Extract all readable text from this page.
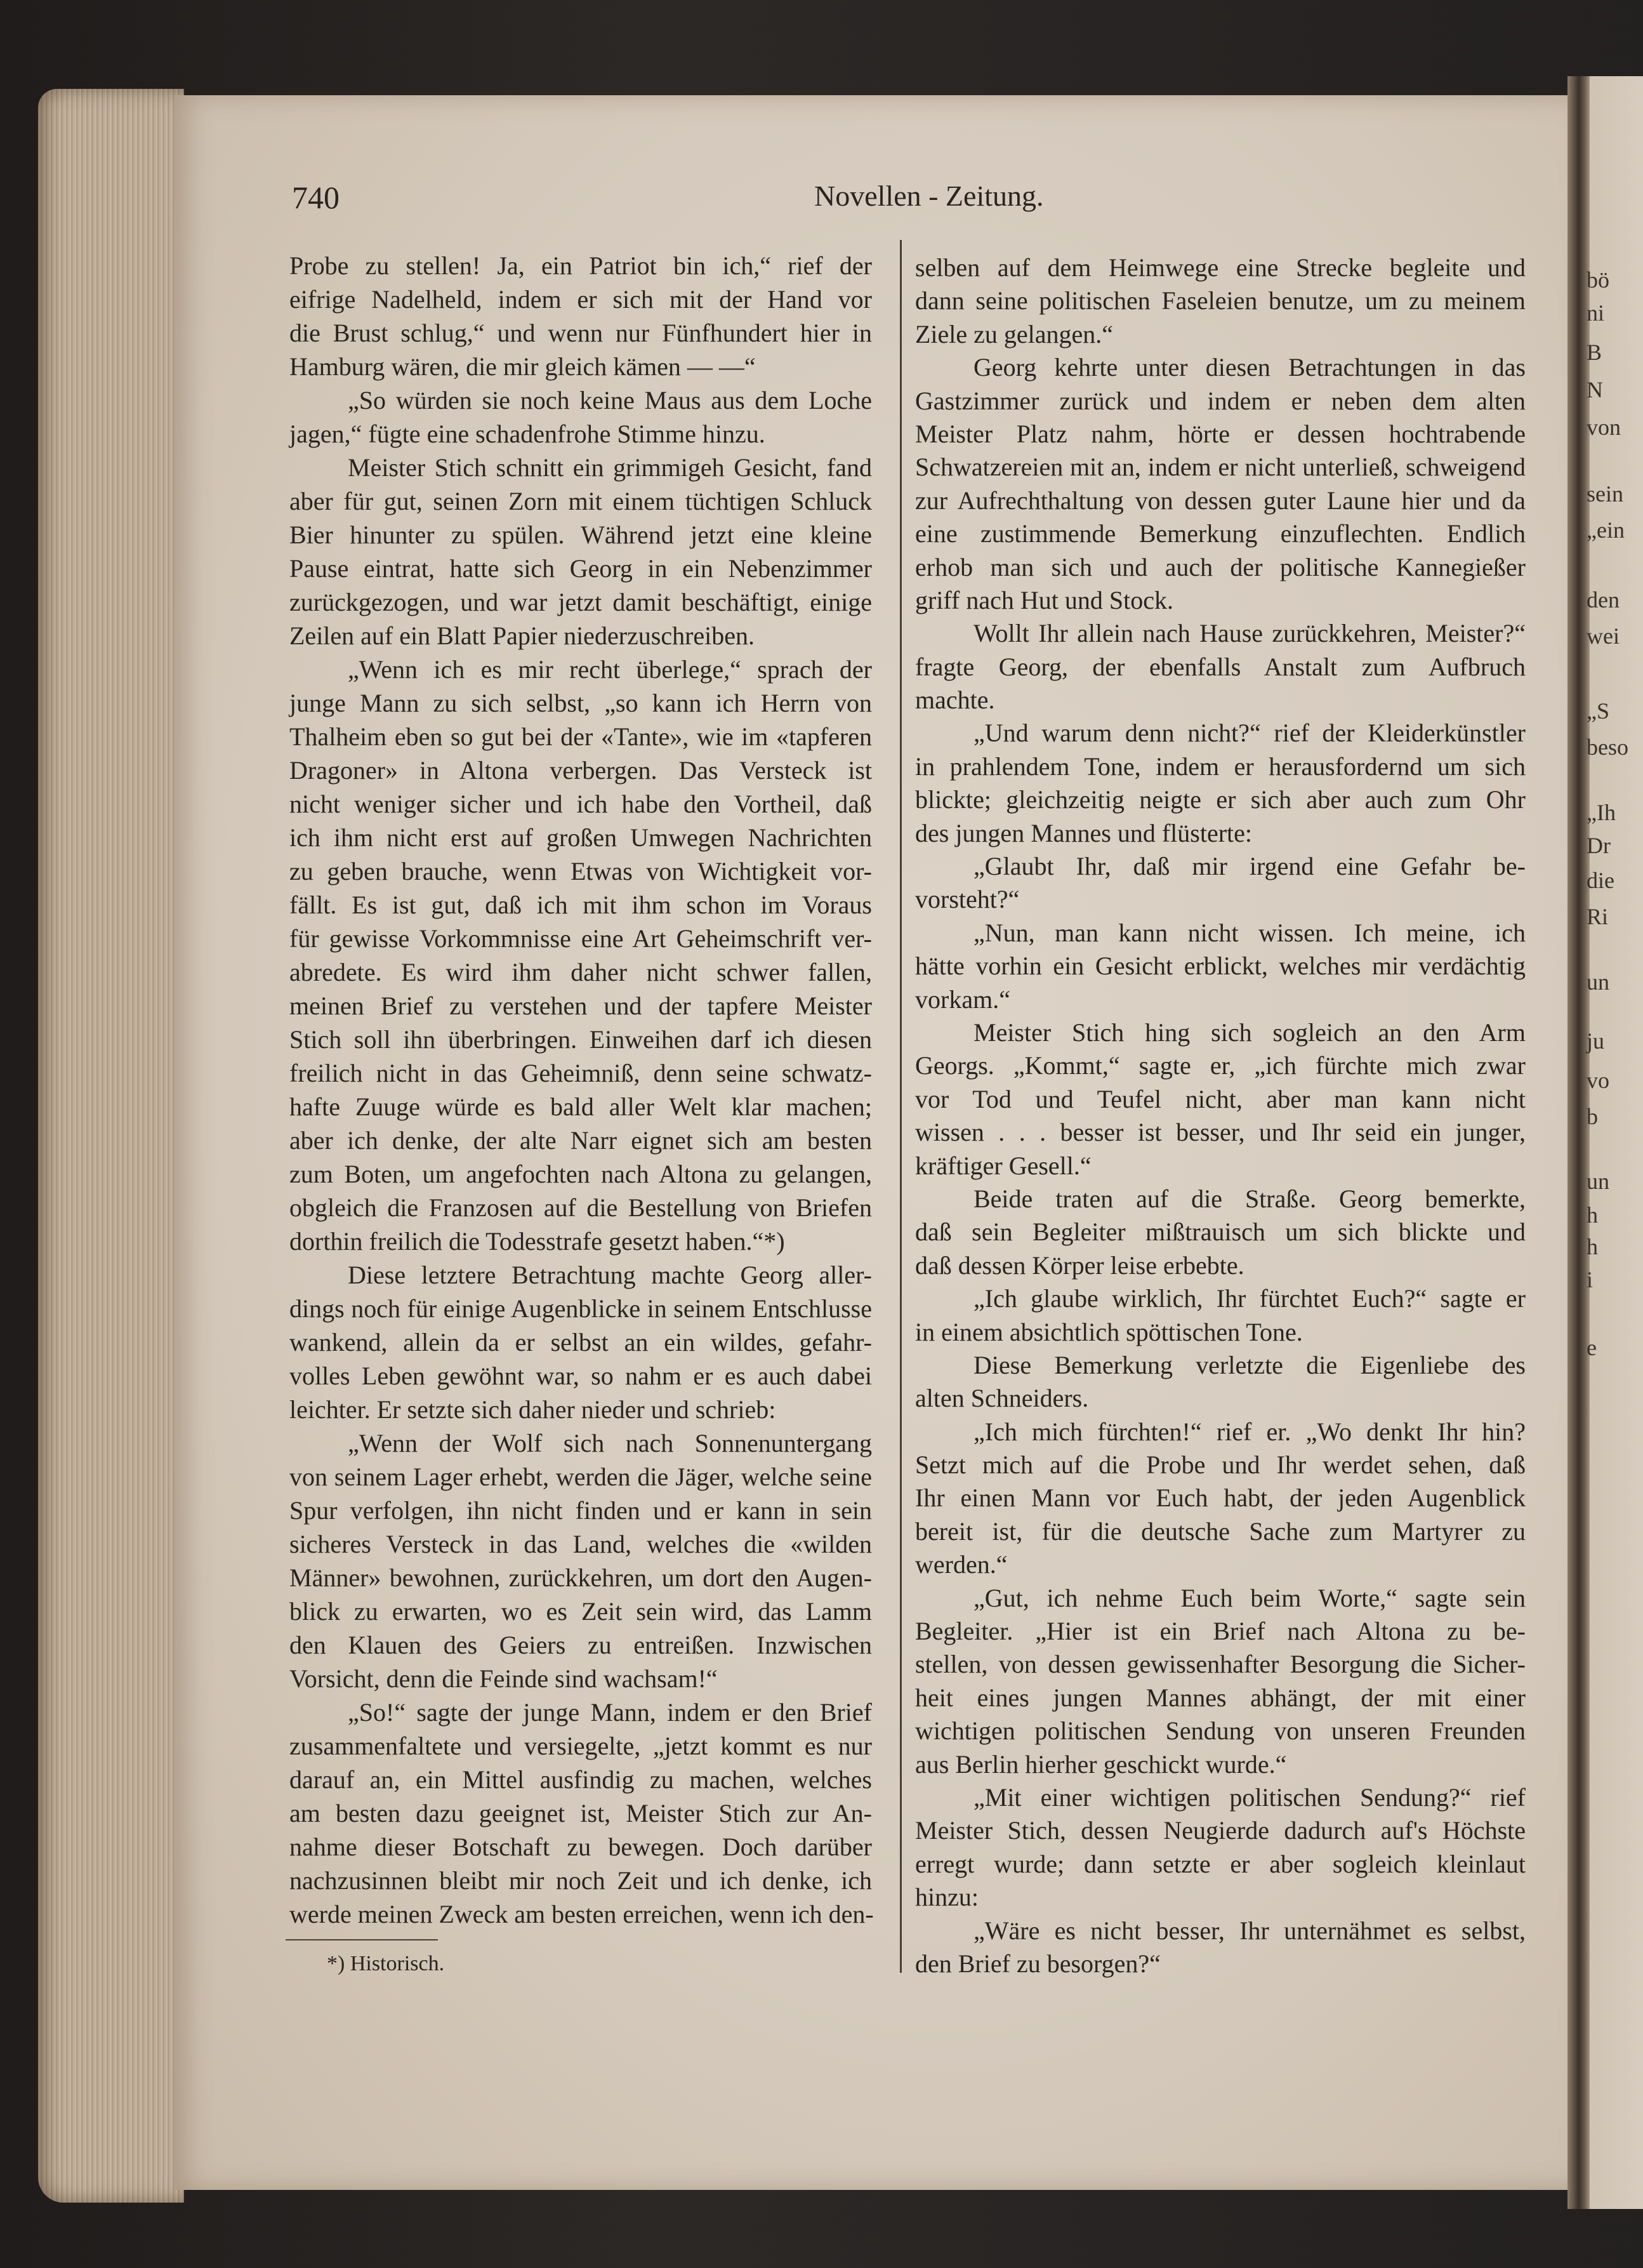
bö
ni
B
N
von
sein
„ein
den
wei
„S
beso
„Ih
Dr
die
Ri
un
ju
vo
b
un
h
h
i
e
740	Novellen - Zeitung.
Probe zu stellen! Ja, ein Patriot bin ich,“ rief der
eifrige Nadelheld, indem er sich mit der Hand vor
die Brust schlug,“ und wenn nur Fünfhundert hier in
Hamburg wären, die mir gleich kämen — —“
„So würden sie noch keine Maus aus dem Loche
jagen,“ fügte eine schadenfrohe Stimme hinzu.
Meister Stich schnitt ein grimmigeh Gesicht, fand
aber für gut, seinen Zorn mit einem tüchtigen Schluck
Bier hinunter zu spülen. Während jetzt eine kleine
Pause eintrat, hatte sich Georg in ein Nebenzimmer
zurückgezogen, und war jetzt damit beschäftigt, einige
Zeilen auf ein Blatt Papier niederzuschreiben.
„Wenn ich es mir recht überlege,“ sprach der
junge Mann zu sich selbst, „so kann ich Herrn von
Thalheim eben so gut bei der «Tante», wie im «tapferen
Dragoner» in Altona verbergen. Das Versteck ist
nicht weniger sicher und ich habe den Vortheil, daß
ich ihm nicht erst auf großen Umwegen Nachrichten
zu geben brauche, wenn Etwas von Wichtigkeit vor-
fällt. Es ist gut, daß ich mit ihm schon im Voraus
für gewisse Vorkommnisse eine Art Geheimschrift ver-
abredete. Es wird ihm daher nicht schwer fallen,
meinen Brief zu verstehen und der tapfere Meister
Stich soll ihn überbringen. Einweihen darf ich diesen
freilich nicht in das Geheimniß, denn seine schwatz-
hafte Zuuge würde es bald aller Welt klar machen;
aber ich denke, der alte Narr eignet sich am besten
zum Boten, um angefochten nach Altona zu gelangen,
obgleich die Franzosen auf die Bestellung von Briefen
dorthin freilich die Todesstrafe gesetzt haben.“*)
Diese letztere Betrachtung machte Georg aller-
dings noch für einige Augenblicke in seinem Entschlusse
wankend, allein da er selbst an ein wildes, gefahr-
volles Leben gewöhnt war, so nahm er es auch dabei
leichter. Er setzte sich daher nieder und schrieb:
„Wenn der Wolf sich nach Sonnenuntergang
von seinem Lager erhebt, werden die Jäger, welche seine
Spur verfolgen, ihn nicht finden und er kann in sein
sicheres Versteck in das Land, welches die «wilden
Männer» bewohnen, zurückkehren, um dort den Augen-
blick zu erwarten, wo es Zeit sein wird, das Lamm
den Klauen des Geiers zu entreißen. Inzwischen
Vorsicht, denn die Feinde sind wachsam!“
„So!“ sagte der junge Mann, indem er den Brief
zusammenfaltete und versiegelte, „jetzt kommt es nur
darauf an, ein Mittel ausfindig zu machen, welches
am besten dazu geeignet ist, Meister Stich zur An-
nahme dieser Botschaft zu bewegen. Doch darüber
nachzusinnen bleibt mir noch Zeit und ich denke, ich
werde meinen Zweck am besten erreichen, wenn ich den-
selben auf dem Heimwege eine Strecke begleite und
dann seine politischen Faseleien benutze, um zu meinem
Ziele zu gelangen.“
Georg kehrte unter diesen Betrachtungen in das
Gastzimmer zurück und indem er neben dem alten
Meister Platz nahm, hörte er dessen hochtrabende
Schwatzereien mit an, indem er nicht unterließ, schweigend
zur Aufrechthaltung von dessen guter Laune hier und da
eine zustimmende Bemerkung einzuflechten. Endlich
erhob man sich und auch der politische Kannegießer
griff nach Hut und Stock.
Wollt Ihr allein nach Hause zurückkehren, Meister?“
fragte Georg, der ebenfalls Anstalt zum Aufbruch
machte.
„Und warum denn nicht?“ rief der Kleiderkünstler
in prahlendem Tone, indem er herausfordernd um sich
blickte; gleichzeitig neigte er sich aber auch zum Ohr
des jungen Mannes und flüsterte:
„Glaubt Ihr, daß mir irgend eine Gefahr be-
vorsteht?“
„Nun, man kann nicht wissen. Ich meine, ich
hätte vorhin ein Gesicht erblickt, welches mir verdächtig
vorkam.“
Meister Stich hing sich sogleich an den Arm
Georgs. „Kommt,“ sagte er, „ich fürchte mich zwar
vor Tod und Teufel nicht, aber man kann nicht
wissen . . . besser ist besser, und Ihr seid ein junger,
kräftiger Gesell.“
Beide traten auf die Straße. Georg bemerkte,
daß sein Begleiter mißtrauisch um sich blickte und
daß dessen Körper leise erbebte.
„Ich glaube wirklich, Ihr fürchtet Euch?“ sagte er
in einem absichtlich spöttischen Tone.
Diese Bemerkung verletzte die Eigenliebe des
alten Schneiders.
„Ich mich fürchten!“ rief er. „Wo denkt Ihr hin?
Setzt mich auf die Probe und Ihr werdet sehen, daß
Ihr einen Mann vor Euch habt, der jeden Augenblick
bereit ist, für die deutsche Sache zum Martyrer zu
werden.“
„Gut, ich nehme Euch beim Worte,“ sagte sein
Begleiter. „Hier ist ein Brief nach Altona zu be-
stellen, von dessen gewissenhafter Besorgung die Sicher-
heit eines jungen Mannes abhängt, der mit einer
wichtigen politischen Sendung von unseren Freunden
aus Berlin hierher geschickt wurde.“
„Mit einer wichtigen politischen Sendung?“ rief
Meister Stich, dessen Neugierde dadurch auf's Höchste
erregt wurde; dann setzte er aber sogleich kleinlaut
hinzu:
„Wäre es nicht besser, Ihr unternähmet es selbst,
den Brief zu besorgen?“
*) Historisch.
